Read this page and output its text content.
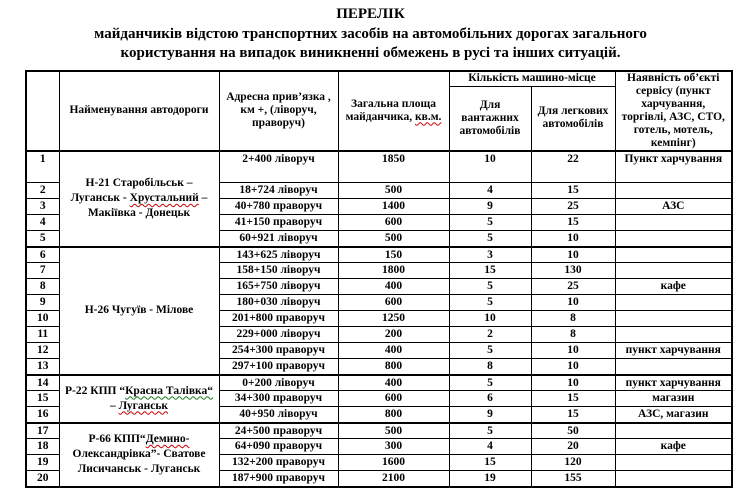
ПЕРЕЛІК
майданчиків відстою транспортних засобів на автомобільних дорогах загального
користування на випадок виникненні обмежень в русі та інших ситуацій.
	Найменування автодороги	Адресна прив’язка , км +, (ліворуч, праворуч)	Загальна площа майданчика, кв.м.	Кількість машино-місце		Наявність об’єкті сервісу (пункт харчування, торгівлі, АЗС, СТО, готель, мотель, кемпінг)
				Для вантажних автомобілів	Для легкових автомобілів	
1	Н-21 Старобільськ – Луганськ - Хрустальний – Макіївка - Донецьк	2+400 ліворуч	1850	10	22	Пункт харчування
2		18+724 ліворуч	500	4	15	
3		40+780 праворуч	1400	9	25	АЗС
4		41+150 праворуч	600	5	15	
5		60+921 ліворуч	500	5	10	
6	Н-26 Чугуїв - Мілове	143+625 ліворуч	150	3	10	
7		158+150 ліворуч	1800	15	130	
8		165+750 ліворуч	400	5	25	кафе
9		180+030 ліворуч	600	5	10	
10		201+800 праворуч	1250	10	8	
11		229+000 ліворуч	200	2	8	
12		254+300 праворуч	400	5	10	пункт харчування
13		297+100 праворуч	800	8	10	
14	Р-22 КПП “Красна Талівка“ – Луганськ	0+200 ліворуч	400	5	10	пункт харчування
15		34+300 праворуч	600	6	15	магазин
16		40+950 ліворуч	800	9	15	АЗС, магазин
17	Р-66 КПП“Демино-Олександрівка”- Сватове Лисичанськ - Луганськ	24+500 праворуч	500	5	50	
18		64+090 праворуч	300	4	20	кафе
19		132+200 праворуч	1600	15	120	
20		187+900 праворуч	2100	19	155	
